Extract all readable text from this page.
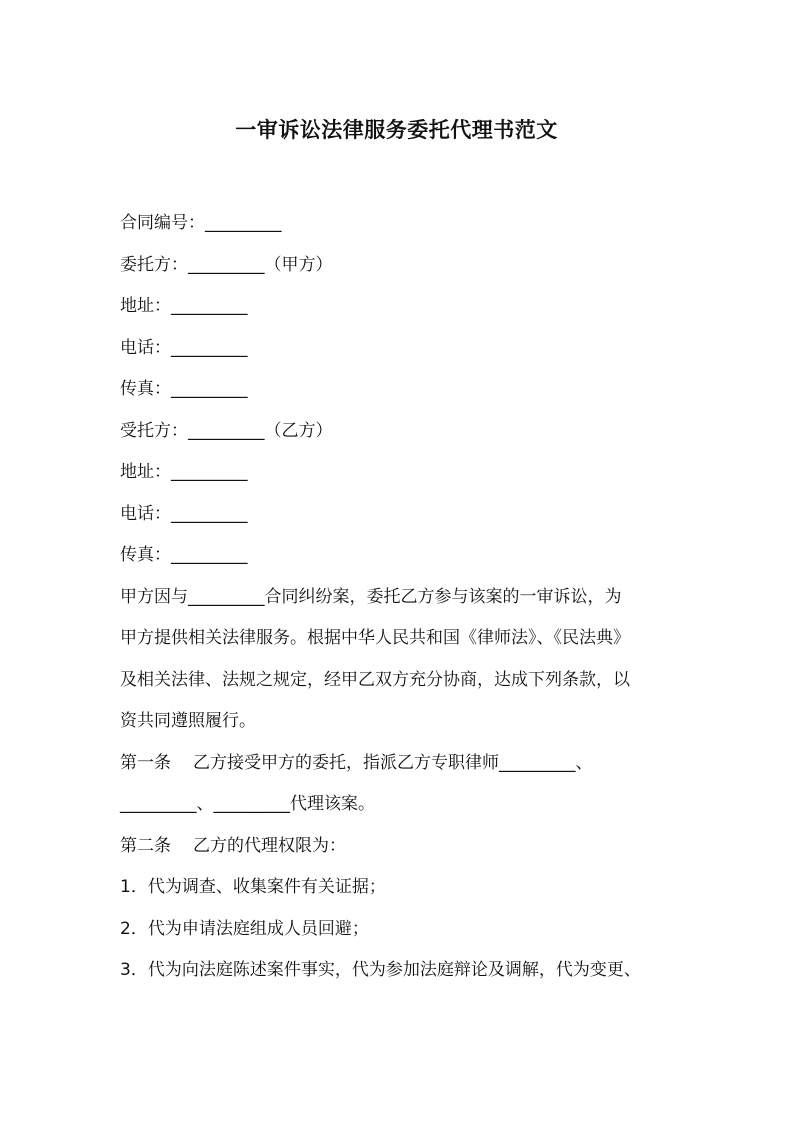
一审诉讼法律服务委托代理书范文
合同编号：_________
委托方：_________（甲方）
地址：_________
电话：_________
传真：_________
受托方：_________（乙方）
地址：_________
电话：_________
传真：_________
甲方因与_________合同纠纷案，委托乙方参与该案的一审诉讼，为
甲方提供相关法律服务。根据中华人民共和国《律师法》、《民法典》
及相关法律、法规之规定，经甲乙双方充分协商，达成下列条款，以
资共同遵照履行。
第一条 乙方接受甲方的委托，指派乙方专职律师_________、
_________、_________代理该案。
第二条 乙方的代理权限为：
1．代为调查、收集案件有关证据；
2．代为申请法庭组成人员回避；
3．代为向法庭陈述案件事实，代为参加法庭辩论及调解，代为变更、
